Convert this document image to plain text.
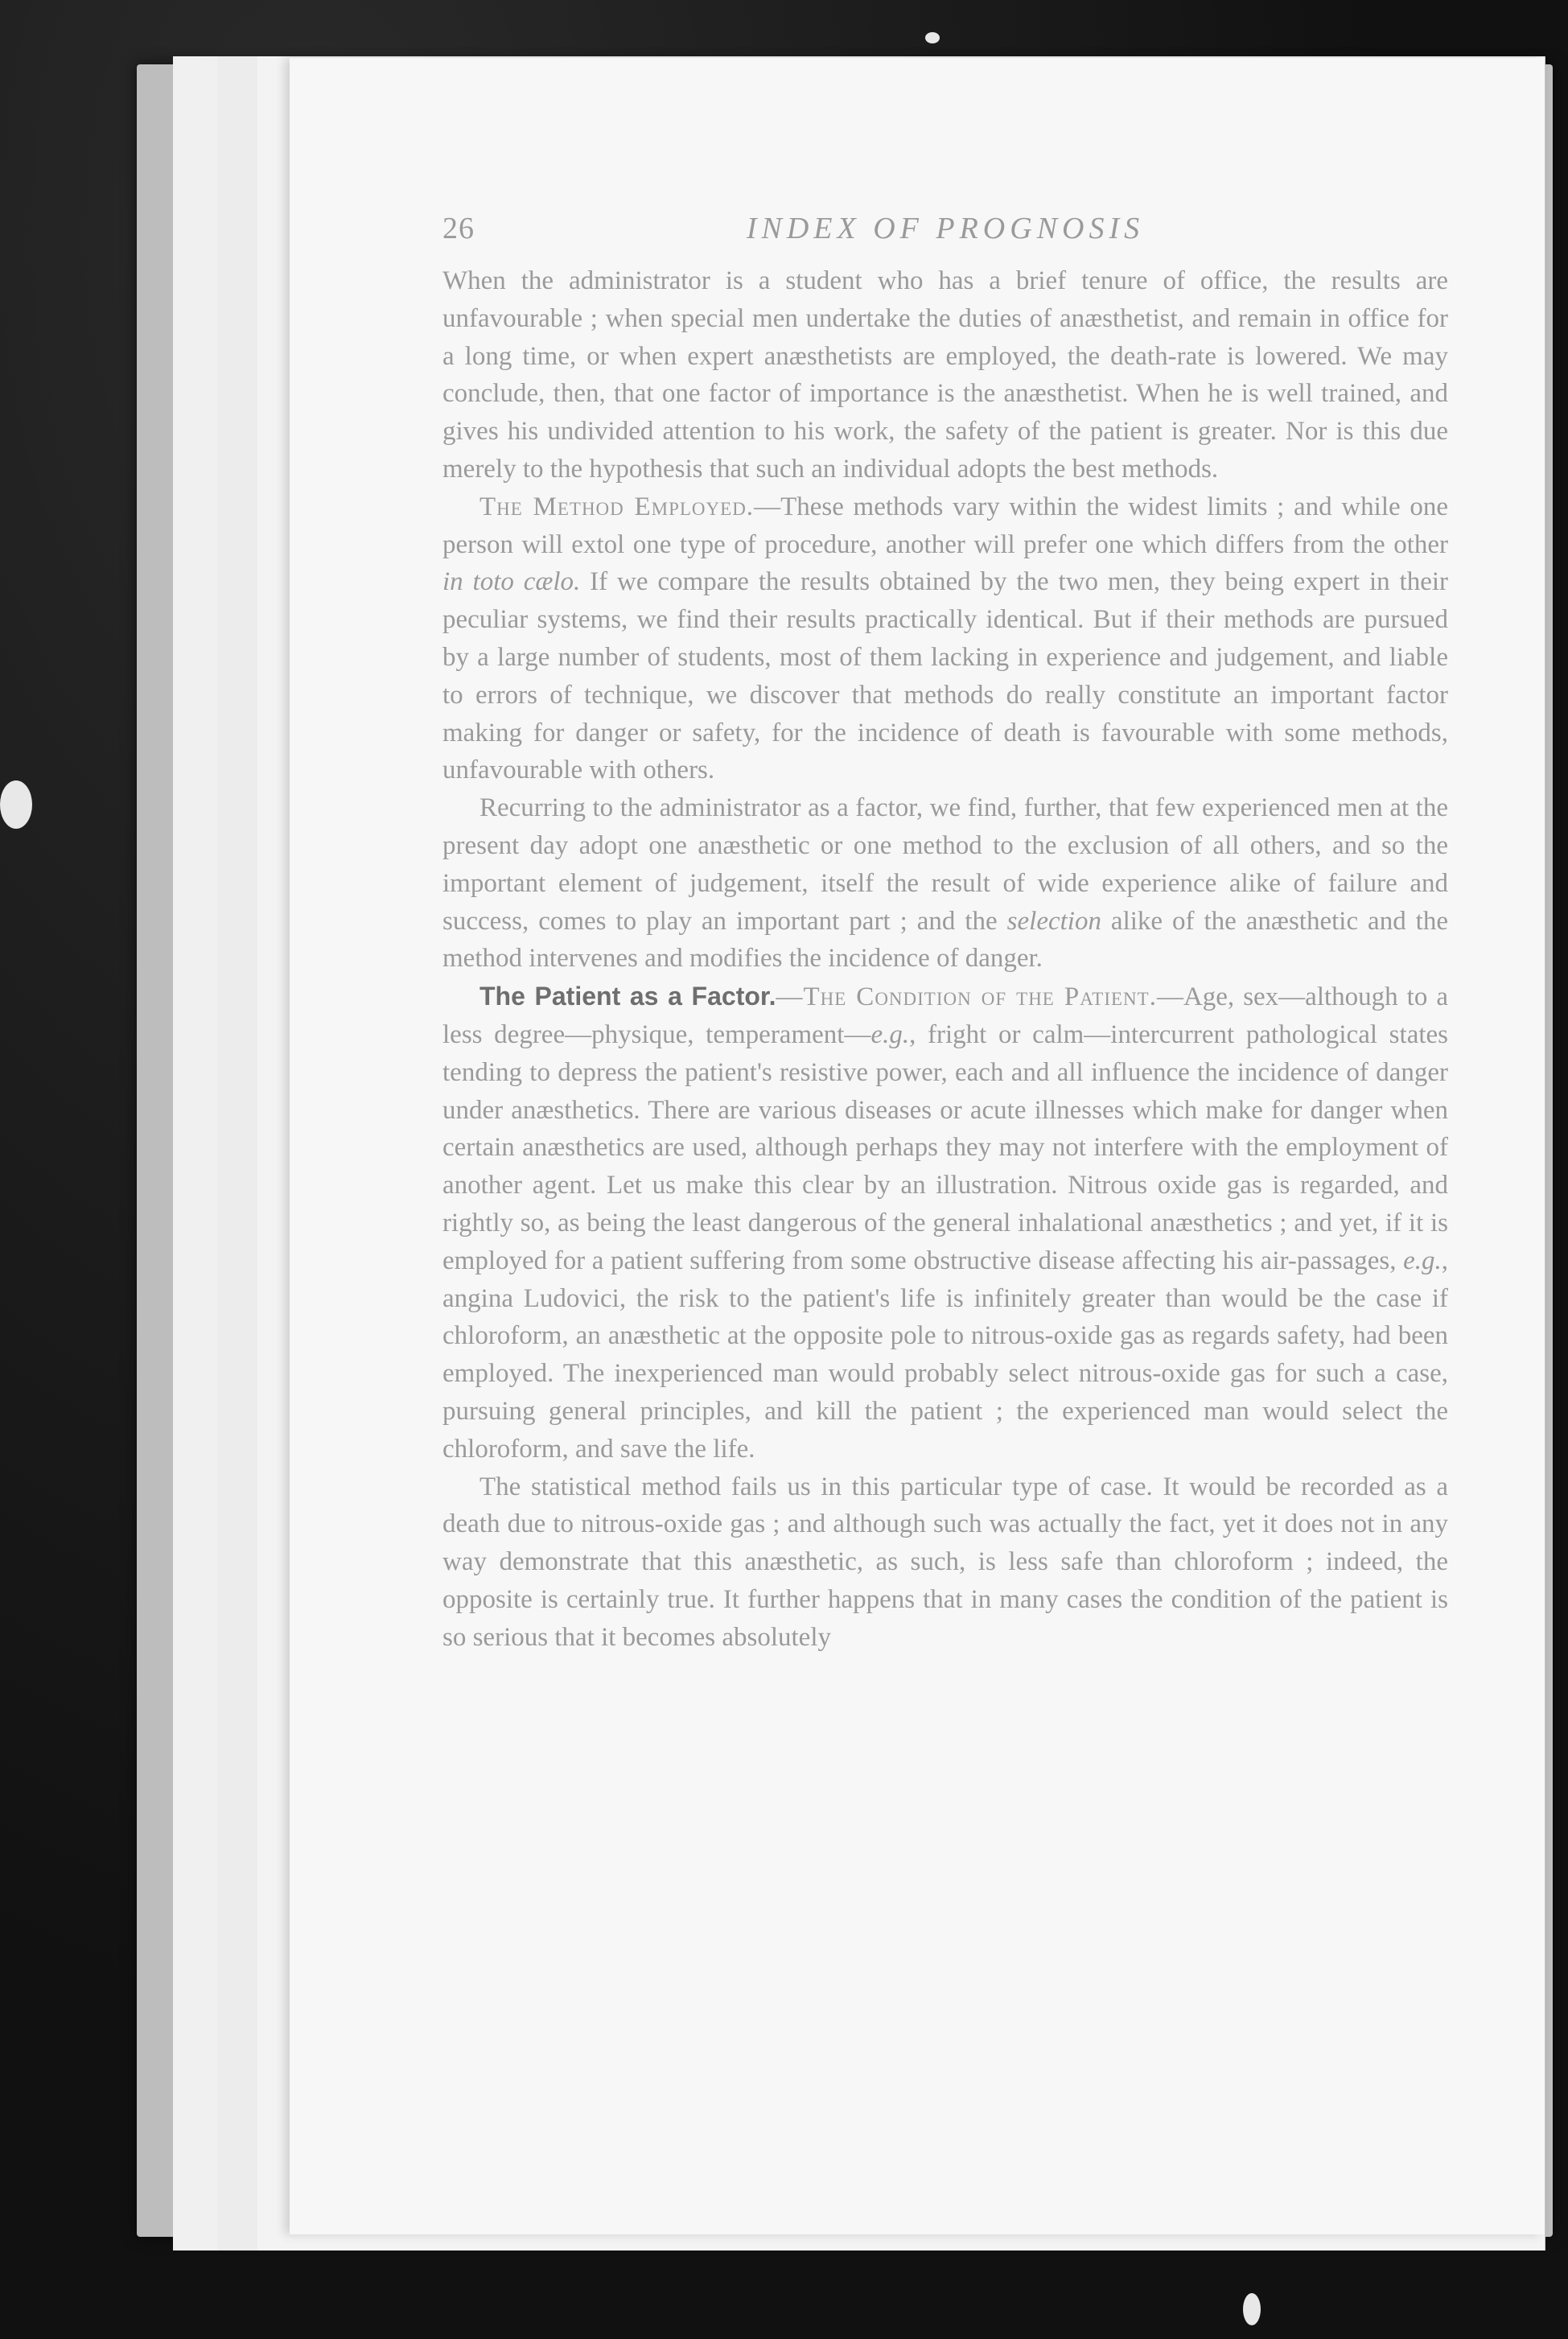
26	INDEX OF PROGNOSIS

When the administrator is a student who has a brief tenure of office, the results are unfavourable ; when special men undertake the duties of anæsthetist, and remain in office for a long time, or when expert anæsthetists are employed, the death-rate is lowered. We may conclude, then, that one factor of importance is the anæsthetist. When he is well trained, and gives his undivided attention to his work, the safety of the patient is greater. Nor is this due merely to the hypothesis that such an individual adopts the best methods.

The Method Employed.—These methods vary within the widest limits ; and while one person will extol one type of procedure, another will prefer one which differs from the other in toto cælo. If we compare the results obtained by the two men, they being expert in their peculiar systems, we find their results practically identical. But if their methods are pursued by a large number of students, most of them lacking in experience and judgement, and liable to errors of technique, we discover that methods do really constitute an important factor making for danger or safety, for the incidence of death is favourable with some methods, unfavourable with others.

Recurring to the administrator as a factor, we find, further, that few experienced men at the present day adopt one anæsthetic or one method to the exclusion of all others, and so the important element of judgement, itself the result of wide experience alike of failure and success, comes to play an important part ; and the selection alike of the anæsthetic and the method intervenes and modifies the incidence of danger.

The Patient as a Factor.—The Condition of the Patient.—Age, sex—although to a less degree—physique, temperament—e.g., fright or calm—intercurrent pathological states tending to depress the patient's resistive power, each and all influence the incidence of danger under anæsthetics. There are various diseases or acute illnesses which make for danger when certain anæsthetics are used, although perhaps they may not interfere with the employment of another agent. Let us make this clear by an illustration. Nitrous oxide gas is regarded, and rightly so, as being the least dangerous of the general inhalational anæsthetics ; and yet, if it is employed for a patient suffering from some obstructive disease affecting his air-passages, e.g., angina Ludovici, the risk to the patient's life is infinitely greater than would be the case if chloroform, an anæsthetic at the opposite pole to nitrous-oxide gas as regards safety, had been employed. The inexperienced man would probably select nitrous-oxide gas for such a case, pursuing general principles, and kill the patient ; the experienced man would select the chloroform, and save the life.

The statistical method fails us in this particular type of case. It would be recorded as a death due to nitrous-oxide gas ; and although such was actually the fact, yet it does not in any way demonstrate that this anæsthetic, as such, is less safe than chloroform ; indeed, the opposite is certainly true. It further happens that in many cases the condition of the patient is so serious that it becomes absolutely
